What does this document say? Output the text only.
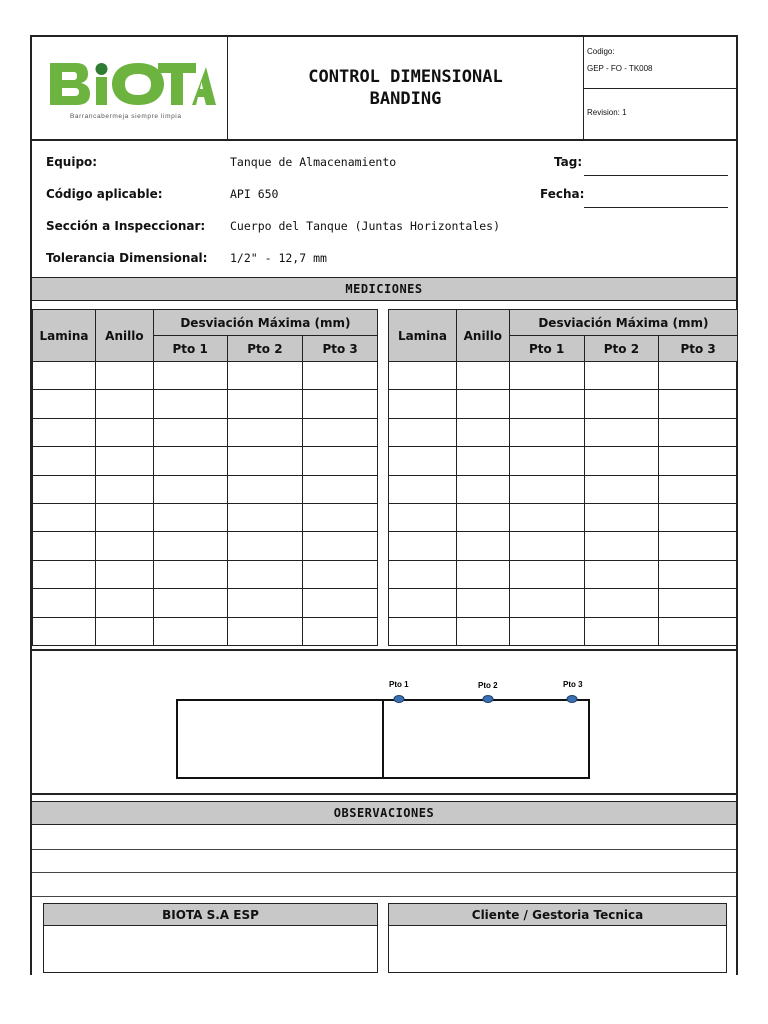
Barrancabermeja siempre limpia
CONTROL DIMENSIONAL
BANDING
Codigo:
GEP - FO - TK008
Revision: 1
Equipo:	Tanque de Almacenamiento	Tag:
Código aplicable:	API 650	Fecha:
Sección a Inspeccionar: Cuerpo del Tanque (Juntas Horizontales)
Tolerancia Dimensional: 1/2" - 12,7 mm
MEDICIONES
Lamina	Anillo	Desviación Máxima (mm)		
		Pto 1	Pto 2	Pto 3

Lamina	Anillo	Desviación Máxima (mm)		
		Pto 1	Pto 2	Pto 3

Pto 1	Pto 2	Pto 3
OBSERVACIONES
BIOTA S.A ESP	Cliente / Gestoria Tecnica
